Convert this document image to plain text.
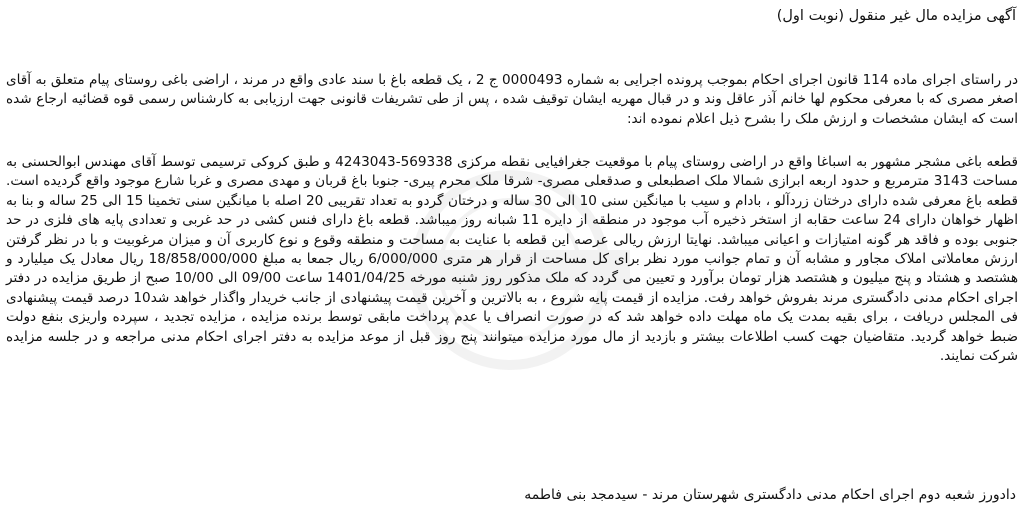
آگهی مزایده مال غیر منقول (نوبت اول)

در راستای اجرای ماده 114 قانون اجرای احکام بموجب پرونده اجرایی به شماره 0000493 ج 2 ، یک قطعه باغ با سند عادی واقع در مرند ، اراضی باغی روستای پیام متعلق به آقای اصغر مصری که با معرفی محکوم لها خانم آذر عاقل وند و در قبال مهریه ایشان توقیف شده ، پس از طی تشریفات قانونی جهت ارزیابی به کارشناس رسمی قوه قضائیه ارجاع شده است که ایشان مشخصات و ارزش ملک را بشرح ذیل اعلام نموده اند:

قطعه باغی مشجر مشهور به اسباغا واقع در اراضی روستای پیام با موقعیت جغرافیایی نقطه مرکزی 569338-4243043 و طبق کروکی ترسیمی توسط آقای مهندس ابوالحسنی به مساحت 3143 مترمربع و حدود اربعه ابرازی شمالا ملک اصطبعلی و صدقعلی مصری- شرقا ملک محرم پیری- جنوبا باغ قربان و مهدی مصری و غربا شارع موجود واقع گردیده است. قطعه باغ معرفی شده دارای درختان زردآلو ، بادام و سیب با میانگین سنی 10 الی 30 ساله و درختان گردو به تعداد تقریبی 20 اصله با میانگین سنی تخمینا 15 الی 25 ساله و بنا به اظهار خواهان دارای 24 ساعت حقابه از استخر ذخیره آب موجود در منطقه از دایره 11 شبانه روز میباشد. قطعه باغ دارای فنس کشی در حد غربی و تعدادی پایه های فلزی در حد جنوبی بوده و فاقد هر گونه امتیازات و اعیانی میباشد. نهایتا ارزش ریالی عرصه این قطعه با عنایت به مساحت و منطقه وقوع و نوع کاربری آن و میزان مرغوبیت و با در نظر گرفتن ارزش معاملاتی املاک مجاور و مشابه آن و تمام جوانب مورد نظر برای کل مساحت از قرار هر متری 6/000/000 ریال جمعا به مبلغ 18/858/000/000 ریال معادل یک میلیارد و هشتصد و هشتاد و پنج میلیون و هشتصد هزار تومان برآورد و تعیین می گردد که ملک مذکور روز شنبه مورخه 1401/04/25 ساعت 09/00 الی 10/00 صبح از طریق مزایده در دفتر اجرای احکام مدنی دادگستری مرند بفروش خواهد رفت. مزایده از قیمت پایه شروع ، به بالاترین و آخرین قیمت پیشنهادی از جانب خریدار واگذار خواهد شد10 درصد قیمت پیشنهادی فی المجلس دریافت ، برای بقیه بمدت یک ماه مهلت داده خواهد شد که در صورت انصراف یا عدم پرداخت مابقی توسط برنده مزایده ، مزایده تجدید ، سپرده واریزی بنفع دولت ضبط خواهد گردید. متقاضیان جهت کسب اطلاعات بیشتر و بازدید از مال مورد مزایده میتوانند پنج روز قبل از موعد مزایده به دفتر اجرای احکام مدنی مراجعه و در جلسه مزایده شرکت نمایند.

دادورز شعبه دوم اجرای احکام مدنی دادگستری شهرستان مرند - سیدمجد بنی فاطمه
